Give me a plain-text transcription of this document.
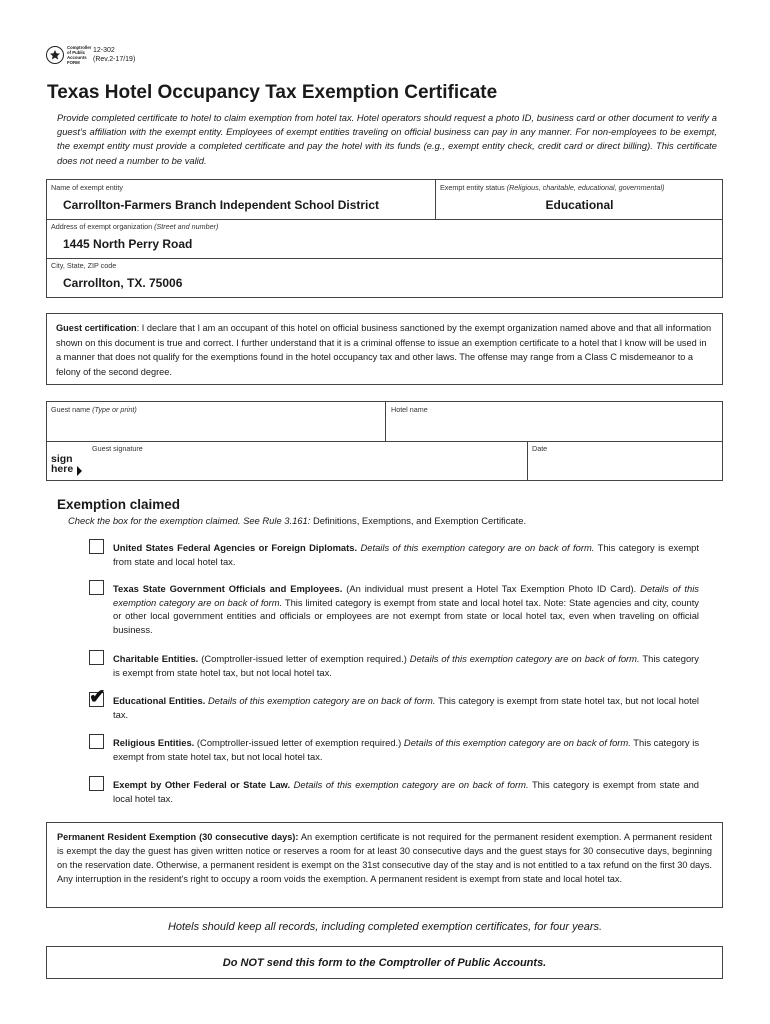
Comptroller
of Public
Accounts
FORM
12-302
(Rev.2-17/19)
Texas Hotel Occupancy Tax Exemption Certificate
Provide completed certificate to hotel to claim exemption from hotel tax. Hotel operators should request a photo ID, business card or other document to verify a guest’s affiliation with the exempt entity. Employees of exempt entities traveling on official business can pay in any manner. For non-employees to be exempt, the exempt entity must provide a completed certificate and pay the hotel with its funds (e.g., exempt entity check, credit card or direct billing). This certificate does not need a number to be valid.
Name of exempt entity
Carrollton-Farmers Branch Independent School District
Exempt entity status (Religious, charitable, educational, governmental)
Educational
Address of exempt organization (Street and number)
1445 North Perry Road
City, State, ZIP code
Carrollton, TX. 75006
Guest certification: I declare that I am an occupant of this hotel on official business sanctioned by the exempt organization named above and that all information shown on this document is true and correct. I further understand that it is a criminal offense to issue an exemption certificate to a hotel that I know will be used in a manner that does not qualify for the exemptions found in the hotel occupancy tax and other laws. The offense may range from a Class C misdemeanor to a felony of the second degree.
Guest name (Type or print)	Hotel name
Guest signature	Date
sign
here
Exemption claimed
Check the box for the exemption claimed. See Rule 3.161: Definitions, Exemptions, and Exemption Certificate.
United States Federal Agencies or Foreign Diplomats. Details of this exemption category are on back of form. This category is exempt from state and local hotel tax.
Texas State Government Officials and Employees. (An individual must present a Hotel Tax Exemption Photo ID Card). Details of this exemption category are on back of form. This limited category is exempt from state and local hotel tax. Note: State agencies and city, county or other local government entities and officials or employees are not exempt from state or local hotel tax, even when traveling on official business.
Charitable Entities. (Comptroller-issued letter of exemption required.) Details of this exemption category are on back of form. This category is exempt from state hotel tax, but not local hotel tax.
✔ Educational Entities. Details of this exemption category are on back of form. This category is exempt from state hotel tax, but not local hotel tax.
Religious Entities. (Comptroller-issued letter of exemption required.) Details of this exemption category are on back of form. This category is exempt from state hotel tax, but not local hotel tax.
Exempt by Other Federal or State Law. Details of this exemption category are on back of form. This category is exempt from state and local hotel tax.
Permanent Resident Exemption (30 consecutive days): An exemption certificate is not required for the permanent resident exemption. A permanent resident is exempt the day the guest has given written notice or reserves a room for at least 30 consecutive days and the guest stays for 30 consecutive days, beginning on the reservation date. Otherwise, a permanent resident is exempt on the 31st consecutive day of the stay and is not entitled to a tax refund on the first 30 days. Any interruption in the resident's right to occupy a room voids the exemption. A permanent resident is exempt from state and local hotel tax.
Hotels should keep all records, including completed exemption certificates, for four years.
Do NOT send this form to the Comptroller of Public Accounts.
